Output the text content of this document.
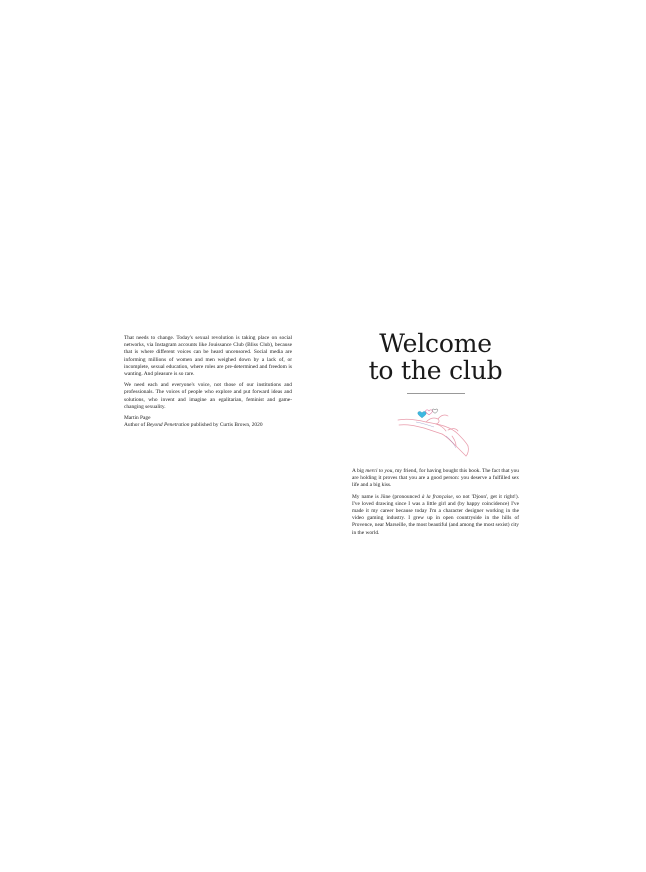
That needs to change. Today's sexual revolution is taking place on social networks, via Instagram accounts like Jouissance Club (Bliss Club), because that is where different voices can be heard uncensored. Social media are informing millions of women and men weighed down by a lack of, or incomplete, sexual education, where roles are pre-determined and freedom is wanting. And pleasure is so rare.

We need each and everyone's voice, not those of our institutions and professionals. The voices of people who explore and put forward ideas and solutions, who invent and imagine an egalitarian, feminist and game-changing sexuality.

Martin Page

Author of Beyond Penetration published by Curtis Brown, 2020

Welcome
to the club

A big merci to you, my friend, for having bought this book. The fact that you are holding it proves that you are a good person: you deserve a fulfilled sex life and a big kiss.

My name is Jüne (pronounced à la française, so not 'Djoon', get it right!). I've loved drawing since I was a little girl and (by happy coincidence) I've made it my career because today I'm a character designer working in the video gaming industry. I grew up in open countryside in the hills of Provence, near Marseille, the most beautiful (and among the most sexist) city in the world.
